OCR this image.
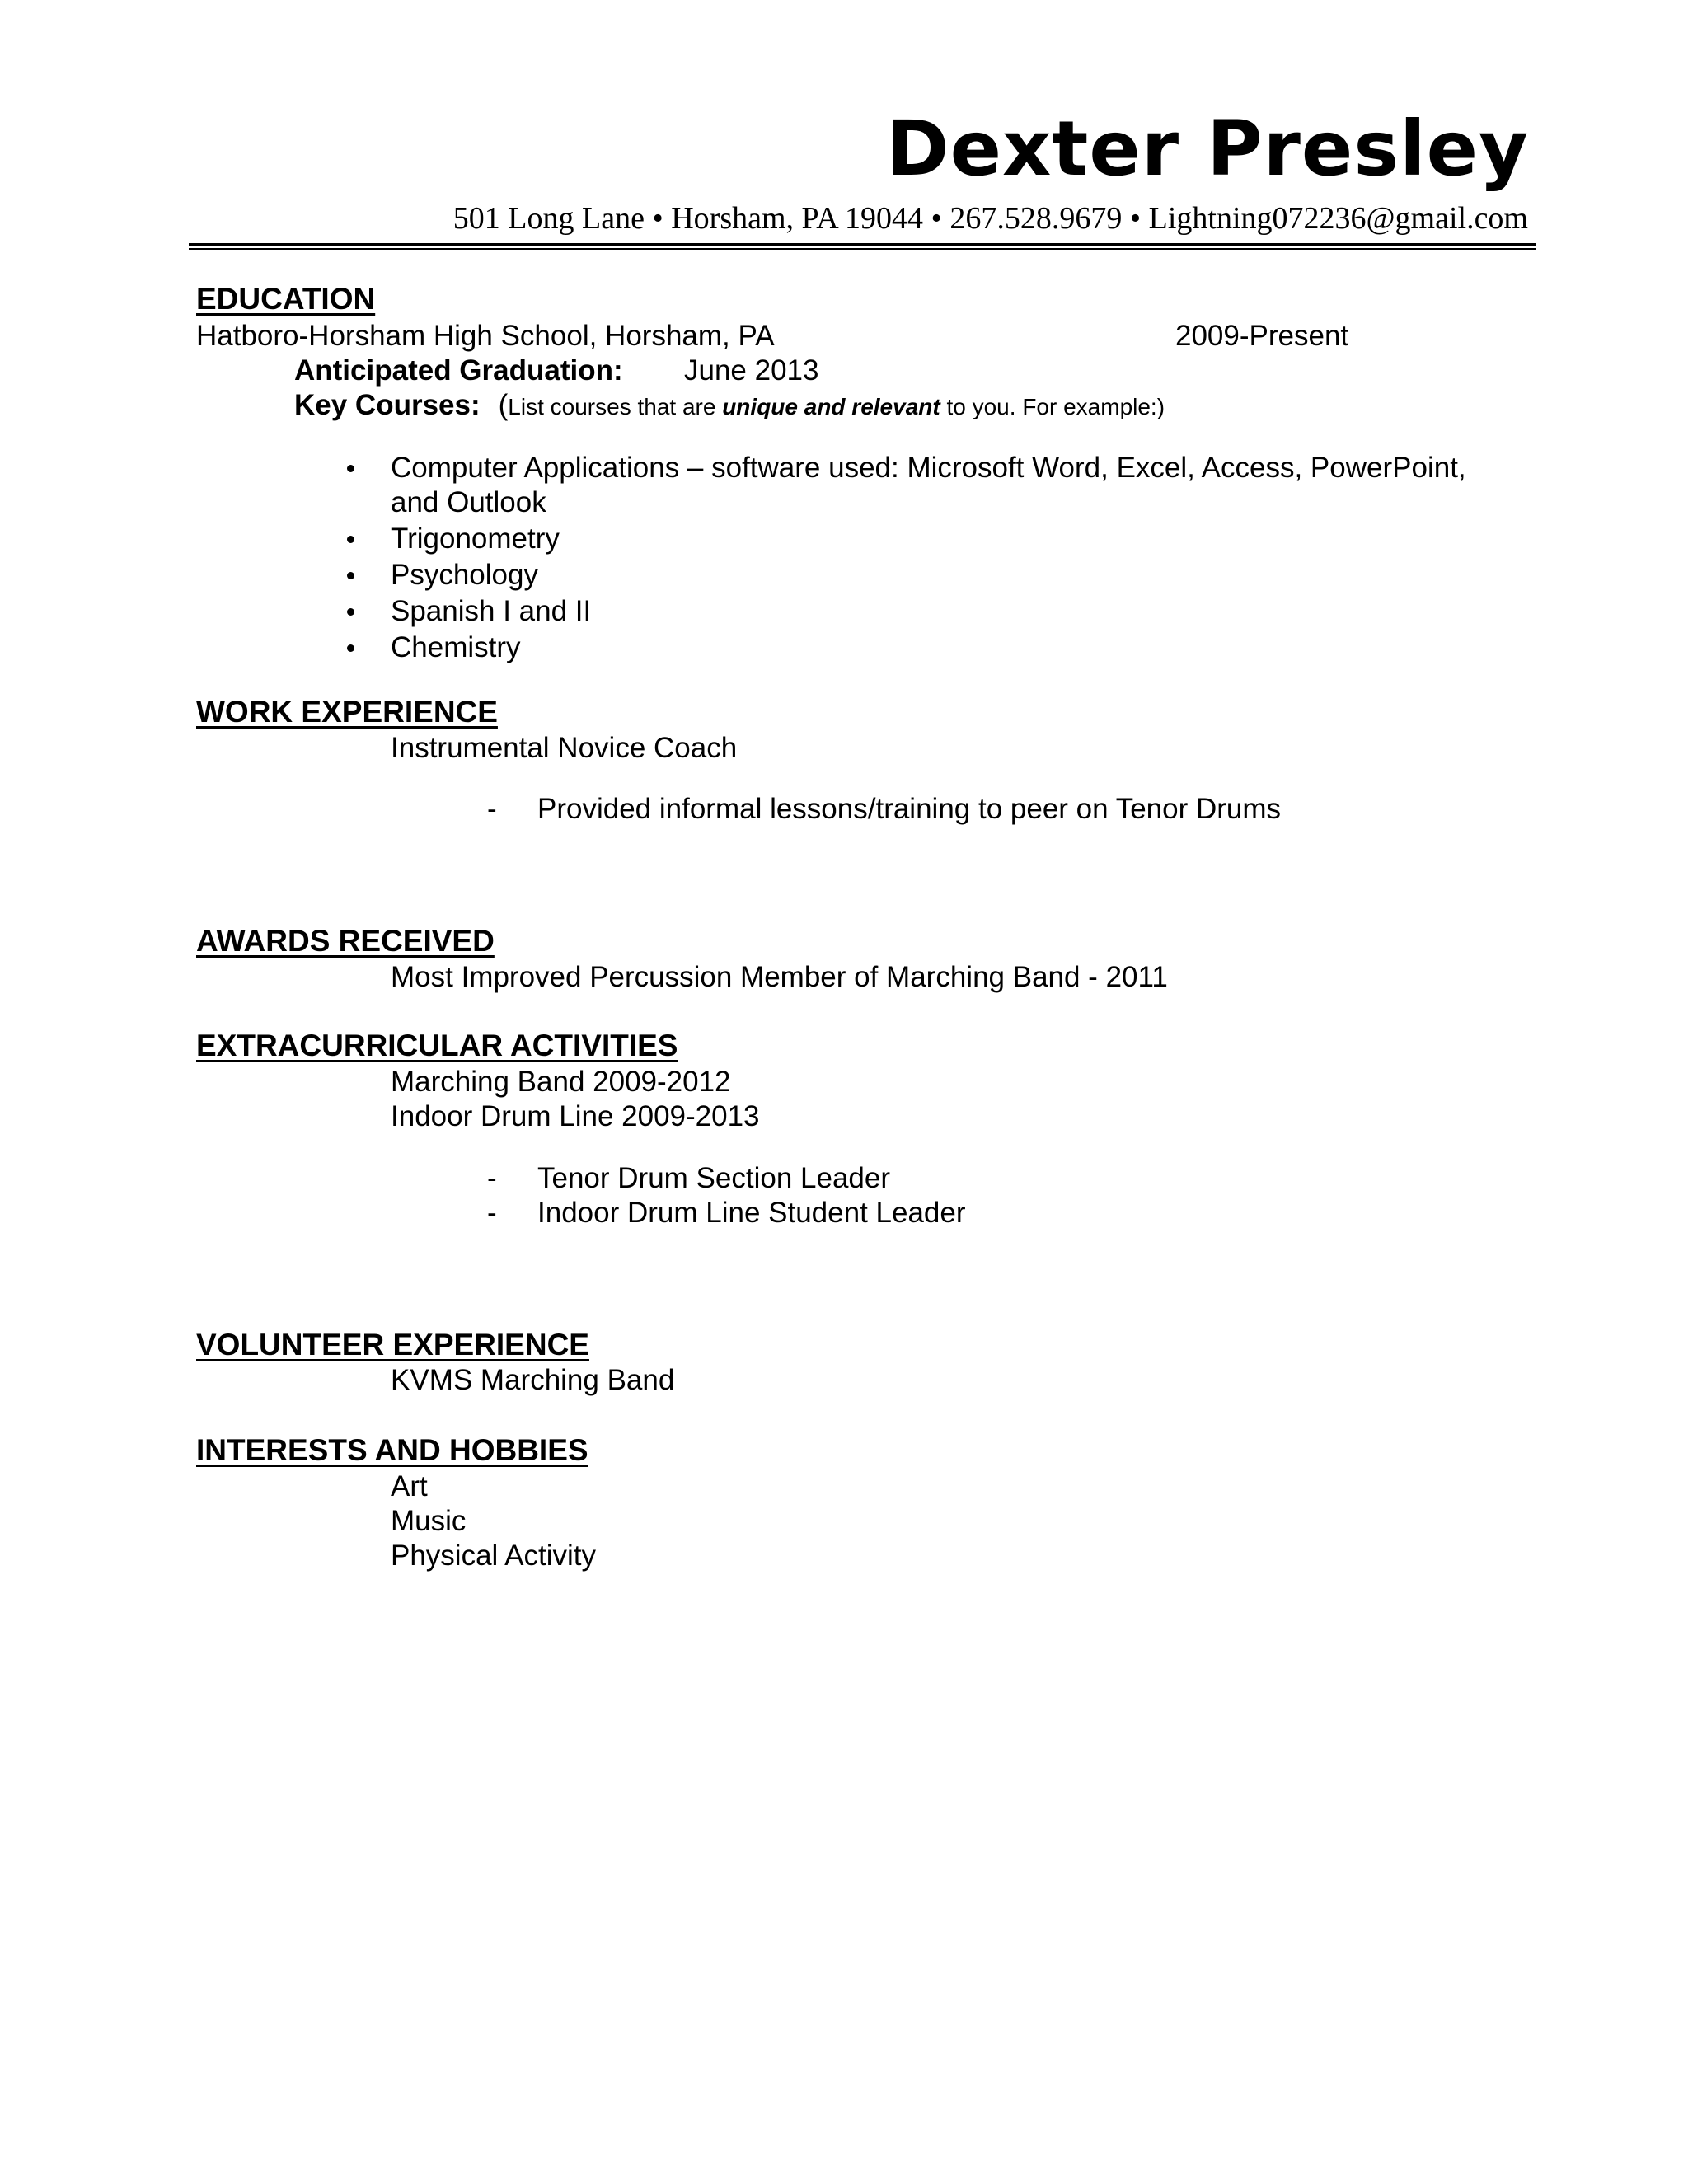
Dexter Presley
501 Long Lane • Horsham, PA 19044 • 267.528.9679 • Lightning072236@gmail.com
EDUCATION
Hatboro-Horsham High School, Horsham, PA	2009-Present
Anticipated Graduation: June 2013
Key Courses: (List courses that are unique and relevant to you. For example:)
Computer Applications – software used: Microsoft Word, Excel, Access, PowerPoint,
and Outlook
Trigonometry
Psychology
Spanish I and II
Chemistry
WORK EXPERIENCE
Instrumental Novice Coach
- Provided informal lessons/training to peer on Tenor Drums
AWARDS RECEIVED
Most Improved Percussion Member of Marching Band - 2011
EXTRACURRICULAR ACTIVITIES
Marching Band 2009-2012
Indoor Drum Line 2009-2013
- Tenor Drum Section Leader
- Indoor Drum Line Student Leader
VOLUNTEER EXPERIENCE
KVMS Marching Band
INTERESTS AND HOBBIES
Art
Music
Physical Activity
